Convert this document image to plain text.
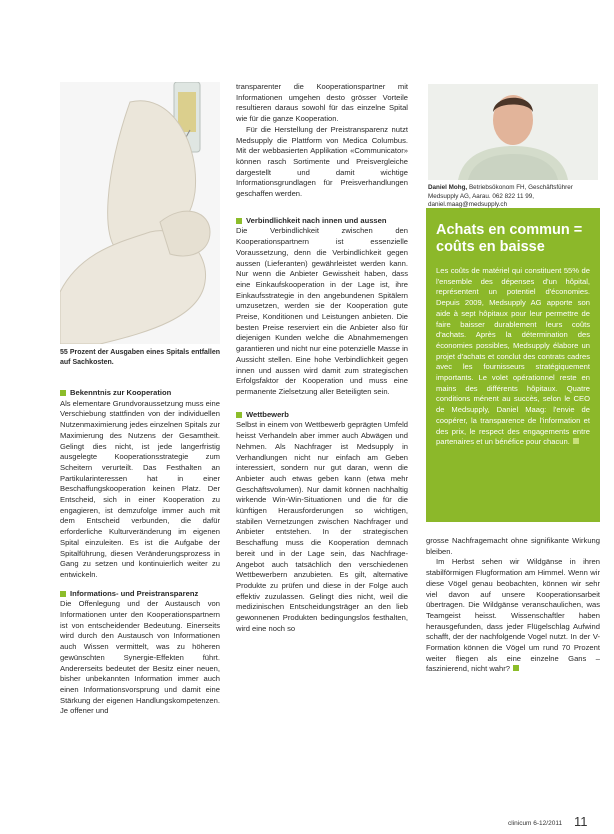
55 Prozent der Ausgaben eines Spitals entfallen auf Sachkosten.
Bekenntnis zur Kooperation

Als elementare Grundvoraussetzung muss eine Verschiebung stattfinden von der individuellen Nutzenmaximierung jedes einzelnen Spitals zur Maximierung des Nutzens der Gesamtheit. Gelingt dies nicht, ist jede langerfristig ausgelegte Kooperationsstrategie zum Scheitern verurteilt. Das Festhalten an Partikularinteressen hat in einer Beschaffungskooperation keinen Platz. Der Entscheid, sich in einer Kooperation zu engagieren, ist demzufolge immer auch mit dem Entscheid verbunden, die dafür erforderliche Kulturveränderung im eigenen Spital einzuleiten. Es ist die Aufgabe der Spitalführung, diesen Veränderungsprozess in Gang zu setzen und kontinuierlich weiter zu entwickeln.

Informations- und Preistransparenz

Die Offenlegung und der Austausch von Informationen unter den Kooperationspartnern ist von entscheidender Bedeutung. Einerseits wird durch den Austausch von Informationen auch Wissen vermittelt, was zu höheren gewünschten Synergie-Effekten führt. Andererseits bedeutet der Besitz einer neuen, bisher unbekannten Information immer auch einen Informationsvorsprung und damit eine Stärkung der eigenen Handlungskompetenzen. Je offener und

transparenter die Kooperationspartner mit Informationen umgehen desto grösser Vorteile resultieren daraus sowohl für das einzelne Spital wie für die ganze Kooperation.

Für die Herstellung der Preistransparenz nutzt Medsupply die Plattform von Medica Columbus. Mit der webbasierten Applikation «Communicator» können rasch Sortimente und Preisvergleiche dargestellt und damit wichtige Informationsgrundlagen für Preisverhandlungen geschaffen werden.

Verbindlichkeit nach innen und aussen

Die Verbindlichkeit zwischen den Kooperationspartnern ist essenzielle Voraussetzung, denn die Verbindlichkeit gegen aussen (Lieferanten) gewährleistet werden kann. Nur wenn die Anbieter Gewissheit haben, dass eine Einkaufskooperation in der Lage ist, ihre Einkaufsstrategie in den angebundenen Spitälern umzusetzen, werden sie der Kooperation gute Preise, Konditionen und Leistungen anbieten. Die besten Preise reserviert ein die Anbieter also für diejenigen Kunden welche die Abnahmemengen garantieren und nicht nur eine potenzielle Masse in Aussicht stellen. Eine hohe Verbindlichkeit gegen innen und aussen wird damit zum strategischen Erfolgsfaktor der Kooperation und muss eine permanente Zielsetzung aller Beteiligten sein.

Wettbewerb

Selbst in einem von Wettbewerb geprägten Umfeld heisst Verhandeln aber immer auch Abwägen und Nehmen. Als Nachfrager ist Medsupply in Verhandlungen nicht nur einfach am Geben interessiert, sondern nur gut daran, wenn die Anbieter auch etwas geben kann (etwa mehr Geschäftsvolumen). Nur damit können nachhaltig wirkende Win-Win-Situationen und die für die künftigen Herausforderungen so wichtigen, stabilen Vernetzungen zwischen Nachfrager und Anbieter entstehen. In der strategischen Beschaffung muss die Kooperation demnach bereit und in der Lage sein, das Nachfrage-Angebot auch tatsächlich den verschiedenen Wettbewerbern anzubieten. Es gilt, alternative Produkte zu prüfen und diese in der Folge auch effektiv zuzulassen. Gelingt dies nicht, weil die medizinischen Entscheidungsträger an den lieb gewonnenen Produkten bedingungslos festhalten, wird eine noch so

Daniel Mohg, Betriebsökonom FH, Geschäftsführer Medsupply AG, Aarau. 062 822 11 99, daniel.maag@medsupply.ch
Achats en commun = coûts en baisse
Les coûts de matériel qui constituent 55% de l'ensemble des dépenses d'un hôpital, représentent un potentiel d'économies. Depuis 2009, Medsupply AG apporte son aide à sept hôpitaux pour leur permettre de faire baisser durablement leurs coûts d'achats. Après la détermination des économies possibles, Medsupply élabore un projet d'achats et conclut des contrats cadres avec les fournisseurs stratégiquement importants. Le volet opérationnel reste en mains des différents hôpitaux. Quatre conditions ménent au succès, selon le CEO de Medsupply, Daniel Maag: l'envie de coopérer, la transparence de l'information et des prix, le respect des engagements entre partenaires et un bénéfice pour chacun.

grosse Nachfragemacht ohne signifikante Wirkung bleiben.

Im Herbst sehen wir Wildgänse in ihren stabilförmigen Flugformation am Himmel. Wenn wir diese Vögel genau beobachten, können wir sehr viel davon auf unsere Kooperationsarbeit übertragen. Die Wildgänse veranschaulichen, was Teamgeist heisst. Wissenschaftler haben herausgefunden, dass jeder Flügelschlag Aufwind schafft, der der nachfolgende Vogel nutzt. In der V-Formation können die Vögel um rund 70 Prozent weiter fliegen als eine einzelne Gans – faszinierend, nicht wahr?

clinicum 6-12/2011 11
